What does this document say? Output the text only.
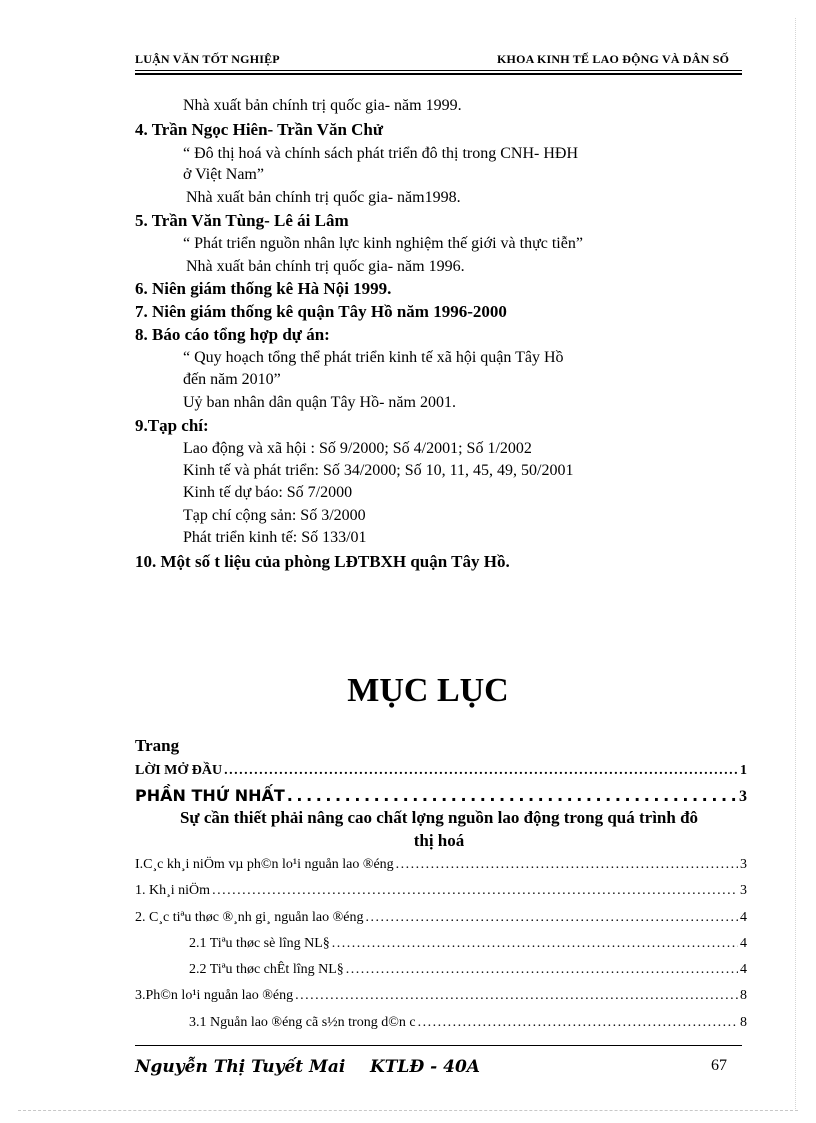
LUẬN VĂN TỐT NGHIỆP	KHOA KINH TẾ LAO ĐỘNG VÀ DÂN SỐ
Nhà xuất bản chính trị quốc gia- năm 1999.
4. Trần Ngọc Hiên- Trần Văn Chử
“ Đô thị hoá và chính sách phát triển đô thị trong CNH- HĐH
ở Việt Nam”
Nhà xuất bản chính trị quốc gia- năm1998.
5. Trần Văn Tùng- Lê ái Lâm
“ Phát triển nguồn nhân lực kinh nghiệm thế giới và thực tiễn”
Nhà xuất bản chính trị quốc gia- năm 1996.
6. Niên giám thống kê Hà Nội 1999.
7. Niên giám thống kê quận Tây Hồ năm 1996-2000
8. Báo cáo tổng hợp dự án:
“ Quy hoạch tổng thể phát triển kinh tế xã hội quận Tây Hồ
đến năm 2010”
Uỷ ban nhân dân quận Tây Hồ- năm 2001.
9.Tạp chí:
Lao động và xã hội : Số 9/2000; Số 4/2001; Số 1/2002
Kinh tế và phát triển: Số 34/2000; Số 10, 11, 45, 49, 50/2001
Kinh tế dự báo: Số 7/2000
Tạp chí cộng sản: Số 3/2000
Phát triển kinh tế: Số 133/01
10. Một số t liệu của phòng LĐTBXH quận Tây Hồ.
MỤC LỤC
Trang
LỜI MỞ ĐẦU . . .	1
PHẦN THỨ NHẤT . . .	3
Sự cần thiết phải nâng cao chất lợng nguồn lao động trong quá trình đô
thị hoá
I.C¸c kh¸i niÖm vµ ph©n lo¹i nguån lao ®éng . . .	3
1. Kh¸i niÖm . . .	3
2. C¸c tiªu thøc ®¸nh gi¸ nguån lao ®éng . . .	4
2.1 Tiªu thøc sè lîng NL§ . . .	4
2.2 Tiªu thøc chÊt lîng NL§ . . .	4
3.Ph©n lo¹i nguån lao ®éng . . .	8
3.1 Nguån lao ®éng cã s½n trong d©n c . . .	8
Nguyễn Thị Tuyết Mai KTLĐ - 40A	67
